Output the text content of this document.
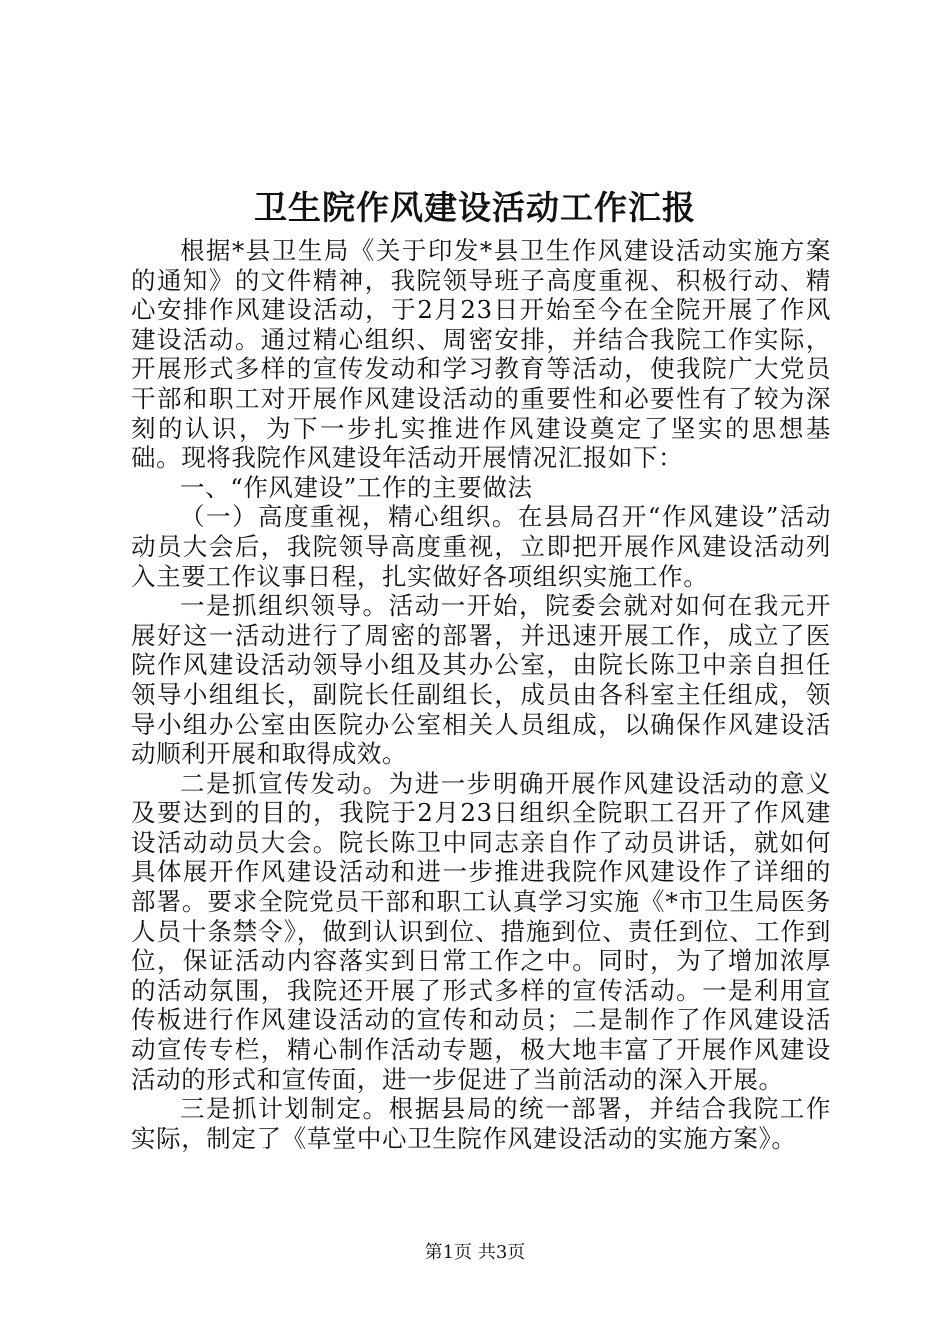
卫生院作风建设活动工作汇报

根据*县卫生局《关于印发*县卫生作风建设活动实施方案的通知》的文件精神，我院领导班子高度重视、积极行动、精心安排作风建设活动，于2月23日开始至今在全院开展了作风建设活动。通过精心组织、周密安排，并结合我院工作实际，开展形式多样的宣传发动和学习教育等活动，使我院广大党员干部和职工对开展作风建设活动的重要性和必要性有了较为深刻的认识，为下一步扎实推进作风建设奠定了坚实的思想基础。现将我院作风建设年活动开展情况汇报如下：

一、“作风建设”工作的主要做法

（一）高度重视，精心组织。在县局召开“作风建设”活动动员大会后，我院领导高度重视，立即把开展作风建设活动列入主要工作议事日程，扎实做好各项组织实施工作。

一是抓组织领导。活动一开始，院委会就对如何在我元开展好这一活动进行了周密的部署，并迅速开展工作，成立了医院作风建设活动领导小组及其办公室，由院长陈卫中亲自担任领导小组组长，副院长任副组长，成员由各科室主任组成，领导小组办公室由医院办公室相关人员组成，以确保作风建设活动顺利开展和取得成效。

二是抓宣传发动。为进一步明确开展作风建设活动的意义及要达到的目的，我院于2月23日组织全院职工召开了作风建设活动动员大会。院长陈卫中同志亲自作了动员讲话，就如何具体展开作风建设活动和进一步推进我院作风建设作了详细的部署。要求全院党员干部和职工认真学习实施《*市卫生局医务人员十条禁令》，做到认识到位、措施到位、责任到位、工作到位，保证活动内容落实到日常工作之中。同时，为了增加浓厚的活动氛围，我院还开展了形式多样的宣传活动。一是利用宣传板进行作风建设活动的宣传和动员；二是制作了作风建设活动宣传专栏，精心制作活动专题，极大地丰富了开展作风建设活动的形式和宣传面，进一步促进了当前活动的深入开展。

三是抓计划制定。根据县局的统一部署，并结合我院工作实际，制定了《草堂中心卫生院作风建设活动的实施方案》。

第1页 共3页
